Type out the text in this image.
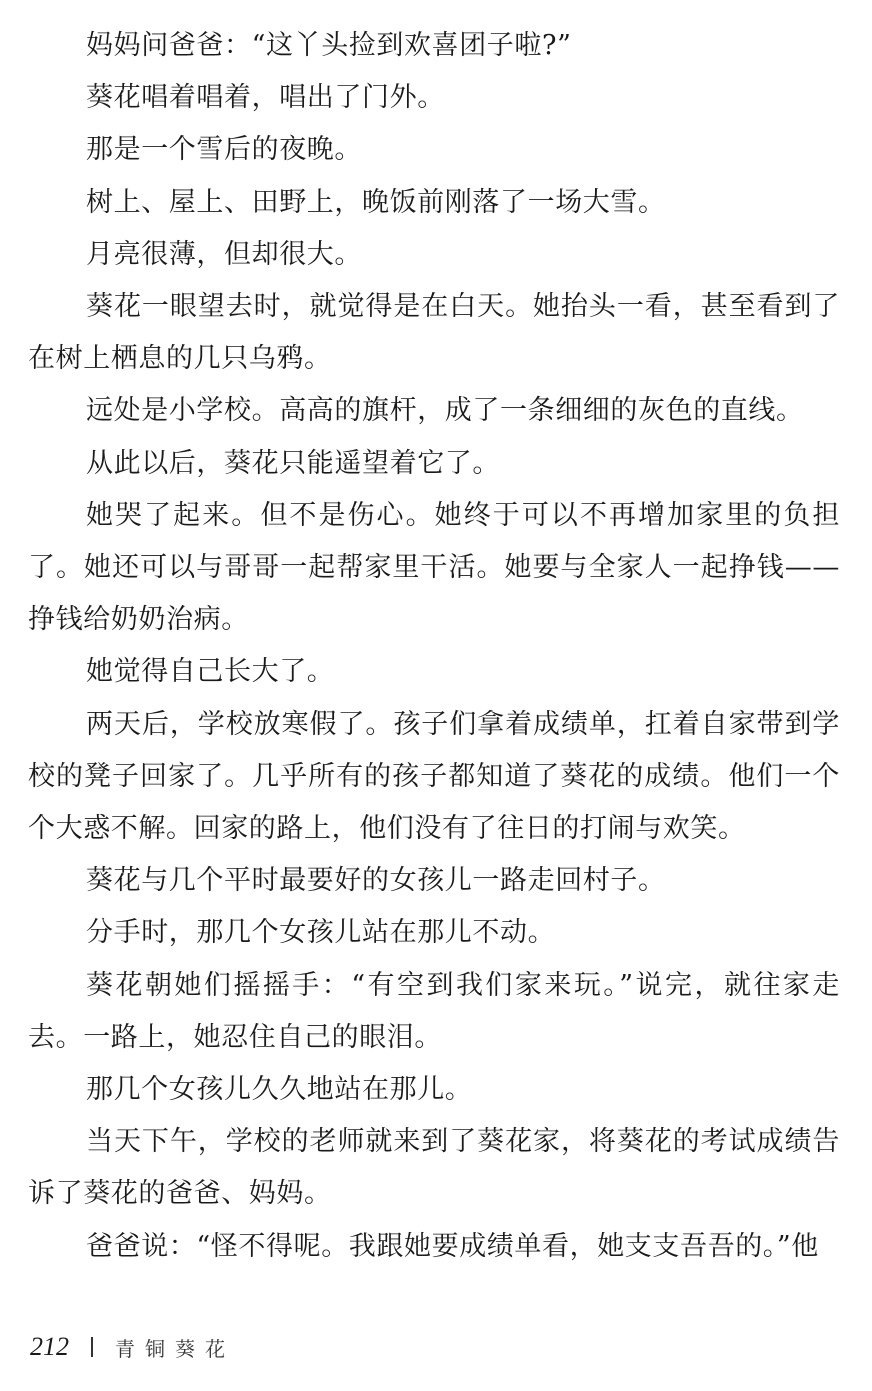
妈妈问爸爸：“这丫头捡到欢喜团子啦?”

葵花唱着唱着，唱出了门外。

那是一个雪后的夜晚。

树上、屋上、田野上，晚饭前刚落了一场大雪。

月亮很薄，但却很大。

葵花一眼望去时，就觉得是在白天。她抬头一看，甚至看到了在树上栖息的几只乌鸦。

远处是小学校。高高的旗杆，成了一条细细的灰色的直线。

从此以后，葵花只能遥望着它了。

她哭了起来。但不是伤心。她终于可以不再增加家里的负担了。她还可以与哥哥一起帮家里干活。她要与全家人一起挣钱——挣钱给奶奶治病。

她觉得自己长大了。

两天后，学校放寒假了。孩子们拿着成绩单，扛着自家带到学校的凳子回家了。几乎所有的孩子都知道了葵花的成绩。他们一个个大惑不解。回家的路上，他们没有了往日的打闹与欢笑。

葵花与几个平时最要好的女孩儿一路走回村子。

分手时，那几个女孩儿站在那儿不动。

葵花朝她们摇摇手：“有空到我们家来玩。”说完，就往家走去。一路上，她忍住自己的眼泪。

那几个女孩儿久久地站在那儿。

当天下午，学校的老师就来到了葵花家，将葵花的考试成绩告诉了葵花的爸爸、妈妈。

爸爸说：“怪不得呢。我跟她要成绩单看，她支支吾吾的。”他

212 青铜葵花
